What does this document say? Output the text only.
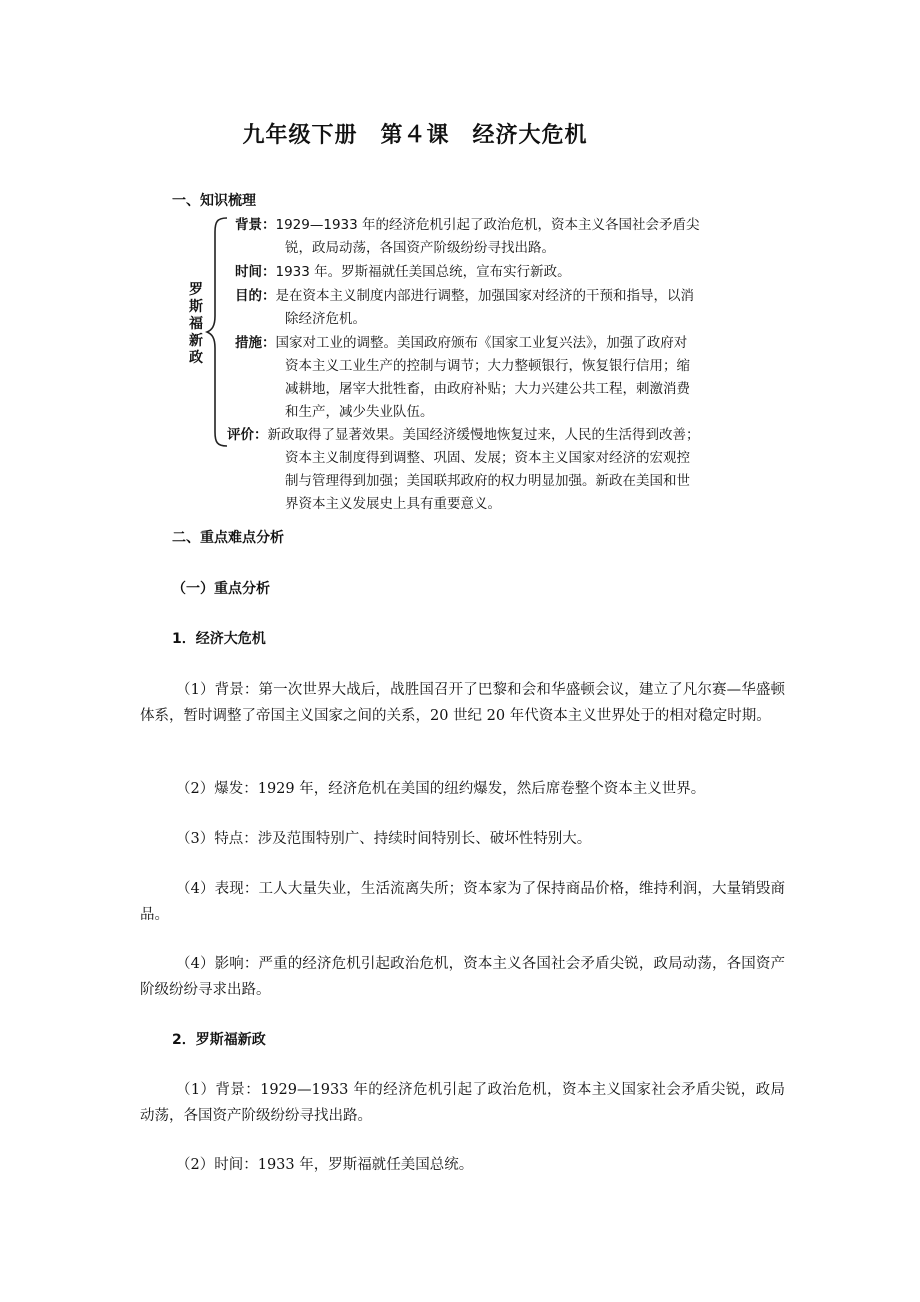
九年级下册　第４课　经济大危机
一、知识梳理
罗
斯
福
新
政
背景：1929—1933 年的经济危机引起了政治危机，资本主义各国社会矛盾尖
锐，政局动荡，各国资产阶级纷纷寻找出路。
时间：1933 年。罗斯福就任美国总统，宣布实行新政。
目的：是在资本主义制度内部进行调整，加强国家对经济的干预和指导，以消
除经济危机。
措施：国家对工业的调整。美国政府颁布《国家工业复兴法》，加强了政府对
资本主义工业生产的控制与调节；大力整顿银行，恢复银行信用；缩
减耕地，屠宰大批牲畜，由政府补贴；大力兴建公共工程，刺激消费
和生产，减少失业队伍。
评价：新政取得了显著效果。美国经济缓慢地恢复过来，人民的生活得到改善；
资本主义制度得到调整、巩固、发展；资本主义国家对经济的宏观控
制与管理得到加强；美国联邦政府的权力明显加强。新政在美国和世
界资本主义发展史上具有重要意义。
二、重点难点分析
（一）重点分析
1．经济大危机
（1）背景：第一次世界大战后，战胜国召开了巴黎和会和华盛顿会议，建立了凡尔赛—华盛顿体系，暂时调整了帝国主义国家之间的关系，20 世纪 20 年代资本主义世界处于的相对稳定时期。
（2）爆发：1929 年，经济危机在美国的纽约爆发，然后席卷整个资本主义世界。
（3）特点：涉及范围特别广、持续时间特别长、破坏性特别大。
（4）表现：工人大量失业，生活流离失所；资本家为了保持商品价格，维持利润，大量销毁商品。
（4）影响：严重的经济危机引起政治危机，资本主义各国社会矛盾尖锐，政局动荡，各国资产阶级纷纷寻求出路。
2．罗斯福新政
（1）背景：1929—1933 年的经济危机引起了政治危机，资本主义国家社会矛盾尖锐，政局动荡，各国资产阶级纷纷寻找出路。
（2）时间：1933 年，罗斯福就任美国总统。
